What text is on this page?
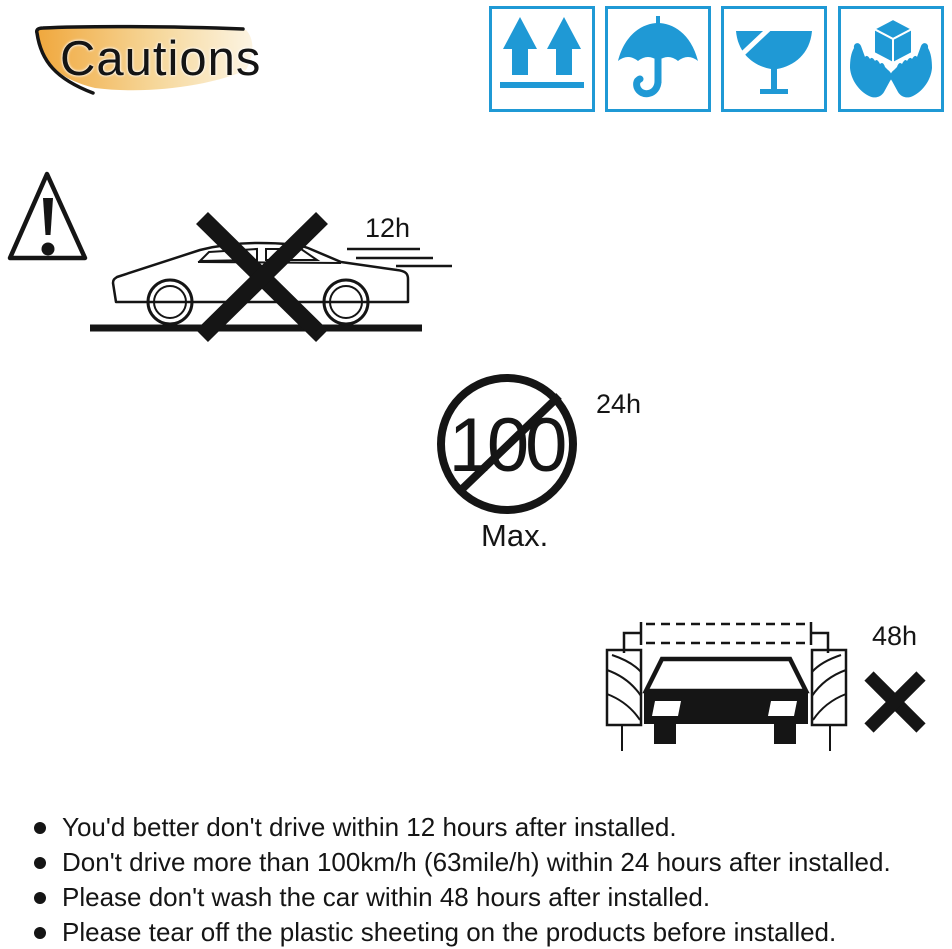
Cautions
12h
100 24h
Max.
48h
You'd better don't drive within 12 hours after installed.
Don't drive more than 100km/h (63mile/h) within 24 hours after installed.
Please don't wash the car within 48 hours after installed.
Please tear off the plastic sheeting on the products before installed.
